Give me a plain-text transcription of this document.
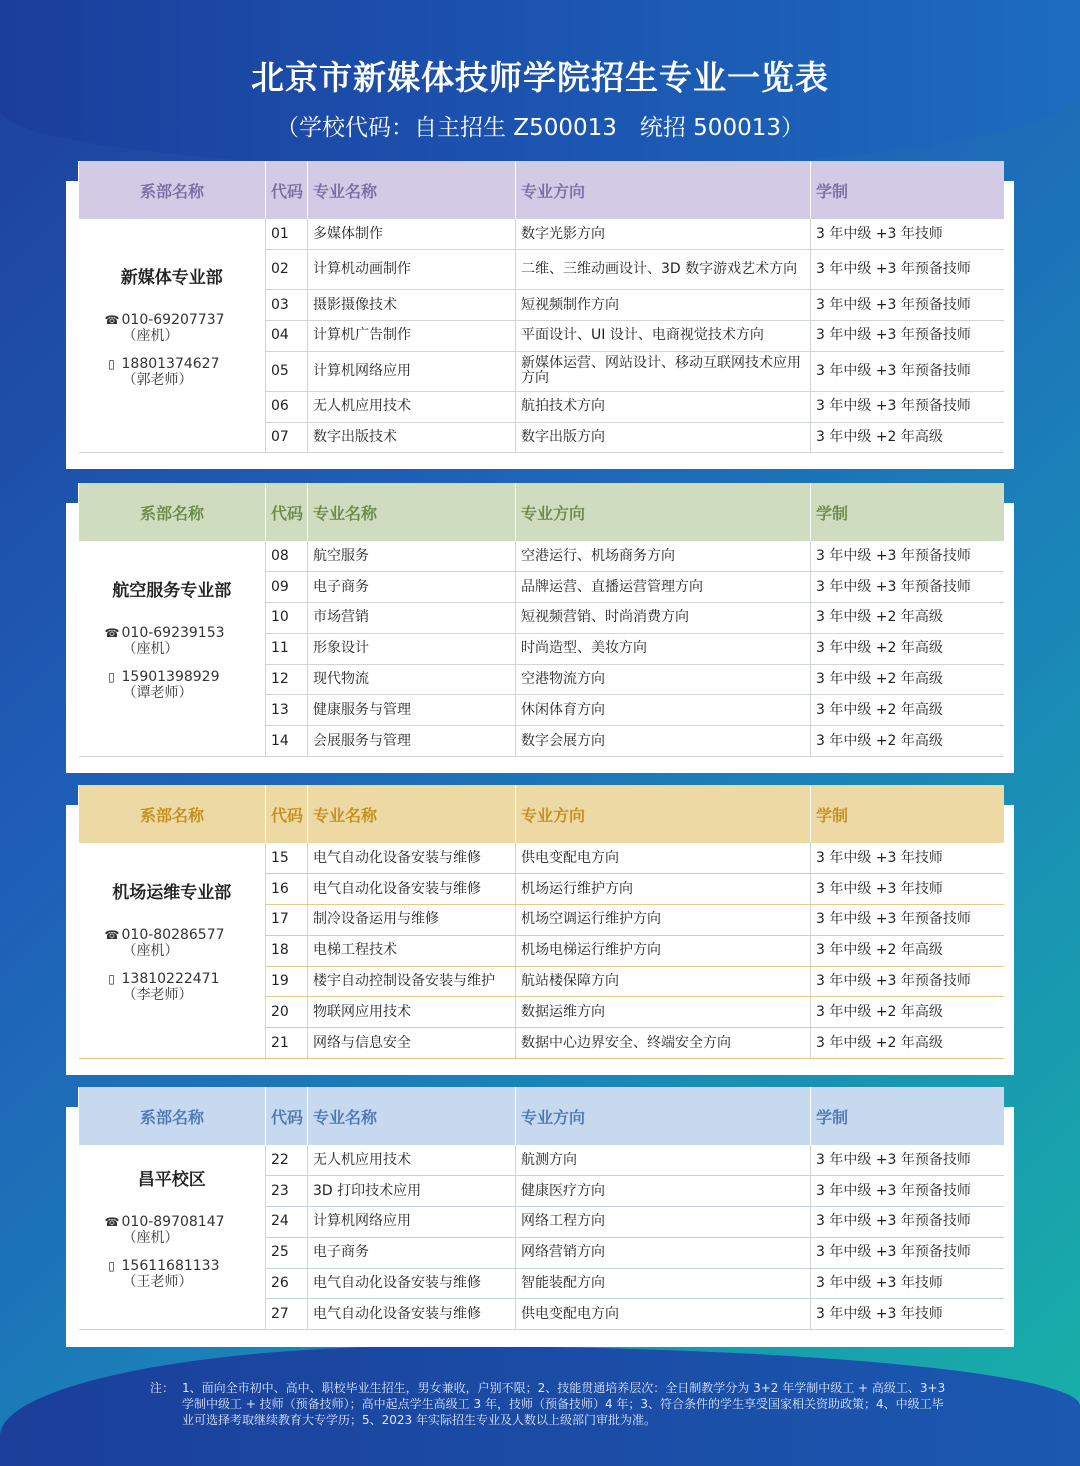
北京市新媒体技师学院招生专业一览表
（学校代码：自主招生 Z500013　统招 500013）
系部名称	代码	专业名称	专业方向	学制

新媒体专业部
☎ 010-69207737
（座机）
▯ 18801374627
（郭老师）	01	多媒体制作	数字光影方向	3 年中级 +3 年技师
	02	计算机动画制作	二维、三维动画设计、3D 数字游戏艺术方向	3 年中级 +3 年预备技师
	03	摄影摄像技术	短视频制作方向	3 年中级 +3 年预备技师
	04	计算机广告制作	平面设计、UI 设计、电商视觉技术方向	3 年中级 +3 年预备技师
	05	计算机网络应用	新媒体运营、网站设计、移动互联网技术应用方向	3 年中级 +3 年预备技师
	06	无人机应用技术	航拍技术方向	3 年中级 +3 年预备技师
	07	数字出版技术	数字出版方向	3 年中级 +2 年高级
系部名称	代码	专业名称	专业方向	学制

航空服务专业部
☎ 010-69239153
（座机）
▯ 15901398929
（谭老师）	08	航空服务	空港运行、机场商务方向	3 年中级 +3 年预备技师
	09	电子商务	品牌运营、直播运营管理方向	3 年中级 +3 年预备技师
	10	市场营销	短视频营销、时尚消费方向	3 年中级 +2 年高级
	11	形象设计	时尚造型、美妆方向	3 年中级 +2 年高级
	12	现代物流	空港物流方向	3 年中级 +2 年高级
	13	健康服务与管理	休闲体育方向	3 年中级 +2 年高级
	14	会展服务与管理	数字会展方向	3 年中级 +2 年高级
系部名称	代码	专业名称	专业方向	学制

机场运维专业部
☎ 010-80286577
（座机）
▯ 13810222471
（李老师）	15	电气自动化设备安装与维修	供电变配电方向	3 年中级 +3 年技师
	16	电气自动化设备安装与维修	机场运行维护方向	3 年中级 +3 年技师
	17	制冷设备运用与维修	机场空调运行维护方向	3 年中级 +3 年预备技师
	18	电梯工程技术	机场电梯运行维护方向	3 年中级 +2 年高级
	19	楼宇自动控制设备安装与维护	航站楼保障方向	3 年中级 +3 年预备技师
	20	物联网应用技术	数据运维方向	3 年中级 +2 年高级
	21	网络与信息安全	数据中心边界安全、终端安全方向	3 年中级 +2 年高级
系部名称	代码	专业名称	专业方向	学制

昌平校区
☎ 010-89708147
（座机）
▯ 15611681133
（王老师）	22	无人机应用技术	航测方向	3 年中级 +3 年预备技师
	23	3D 打印技术应用	健康医疗方向	3 年中级 +3 年预备技师
	24	计算机网络应用	网络工程方向	3 年中级 +3 年预备技师
	25	电子商务	网络营销方向	3 年中级 +3 年预备技师
	26	电气自动化设备安装与维修	智能装配方向	3 年中级 +3 年技师
	27	电气自动化设备安装与维修	供电变配电方向	3 年中级 +3 年技师
注： 1、面向全市初中、高中、职校毕业生招生，男女兼收，户别不限；2、技能贯通培养层次：全日制教学分为 3+2 年学制中级工 + 高级工、3+3 学制中级工 + 技师（预备技师）；高中起点学生高级工 3 年，技师（预备技师）4 年；3、符合条件的学生享受国家相关资助政策；4、中级工毕业可选择考取继续教育大专学历；5、2023 年实际招生专业及人数以上级部门审批为准。
